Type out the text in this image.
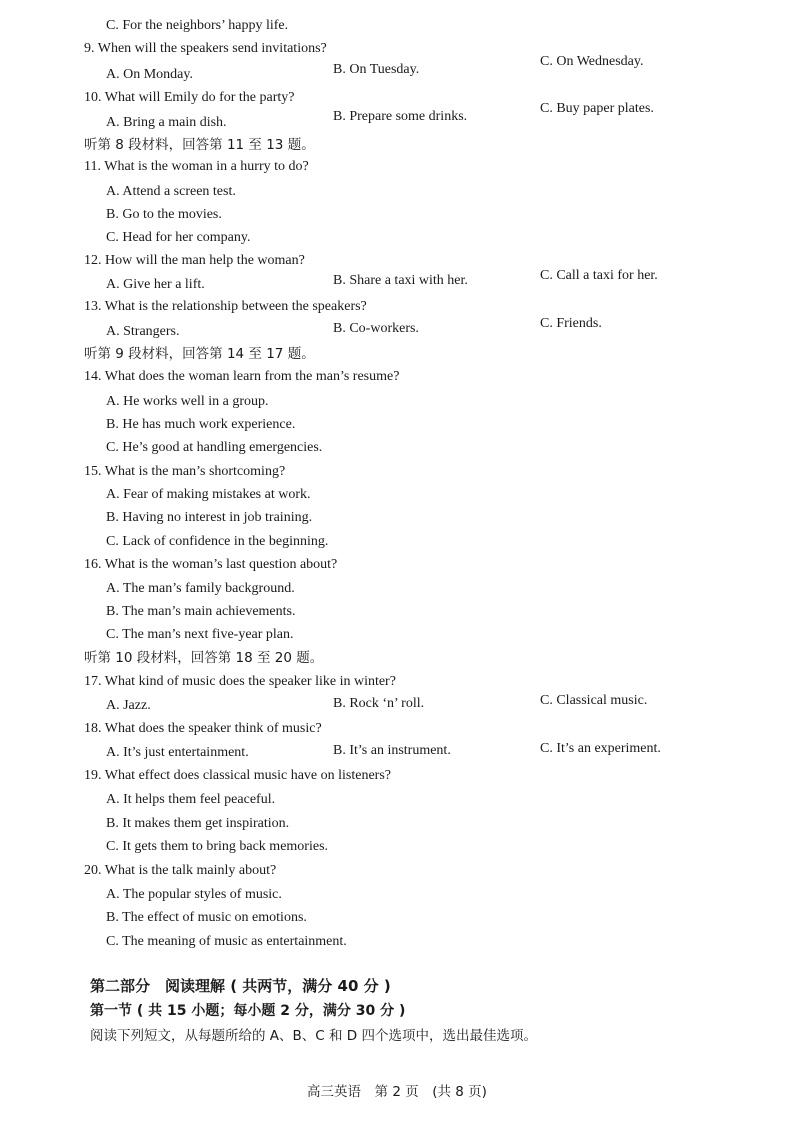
C. For the neighbors’ happy life.
9. When will the speakers send invitations?
A. On Monday.	B. On Tuesday.
C. On Wednesday.
10. What will Emily do for the party?
A. Bring a main dish.	B. Prepare some drinks.
C. Buy paper plates.
听第 8 段材料，回答第 11 至 13 题。
11. What is the woman in a hurry to do?
A. Attend a screen test.
B. Go to the movies.
C. Head for her company.
12. How will the man help the woman?
A. Give her a lift.	B. Share a taxi with her.	C. Call a taxi for her.
13. What is the relationship between the speakers?
A. Strangers.	B. Co-workers.	C. Friends.
听第 9 段材料，回答第 14 至 17 题。
14. What does the woman learn from the man’s resume?
A. He works well in a group.
B. He has much work experience.
C. He’s good at handling emergencies.
15. What is the man’s shortcoming?
A. Fear of making mistakes at work.
B. Having no interest in job training.
C. Lack of confidence in the beginning.
16. What is the woman’s last question about?
A. The man’s family background.
B. The man’s main achievements.
C. The man’s next five-year plan.
听第 10 段材料，回答第 18 至 20 题。
17. What kind of music does the speaker like in winter?
A. Jazz.	B. Rock ‘n’ roll.	C. Classical music.
18. What does the speaker think of music?
A. It’s just entertainment.	B. It’s an instrument.	C. It’s an experiment.
19. What effect does classical music have on listeners?
A. It helps them feel peaceful.
B. It makes them get inspiration.
C. It gets them to bring back memories.
20. What is the talk mainly about?
A. The popular styles of music.
B. The effect of music on emotions.
C. The meaning of music as entertainment.
第二部分　阅读理解 ( 共两节，满分 40 分 )
第一节 ( 共 15 小题；每小题 2 分，满分 30 分 )
阅读下列短文，从每题所给的 A、B、C 和 D 四个选项中，选出最佳选项。
高三英语　第 2 页　(共 8 页)
